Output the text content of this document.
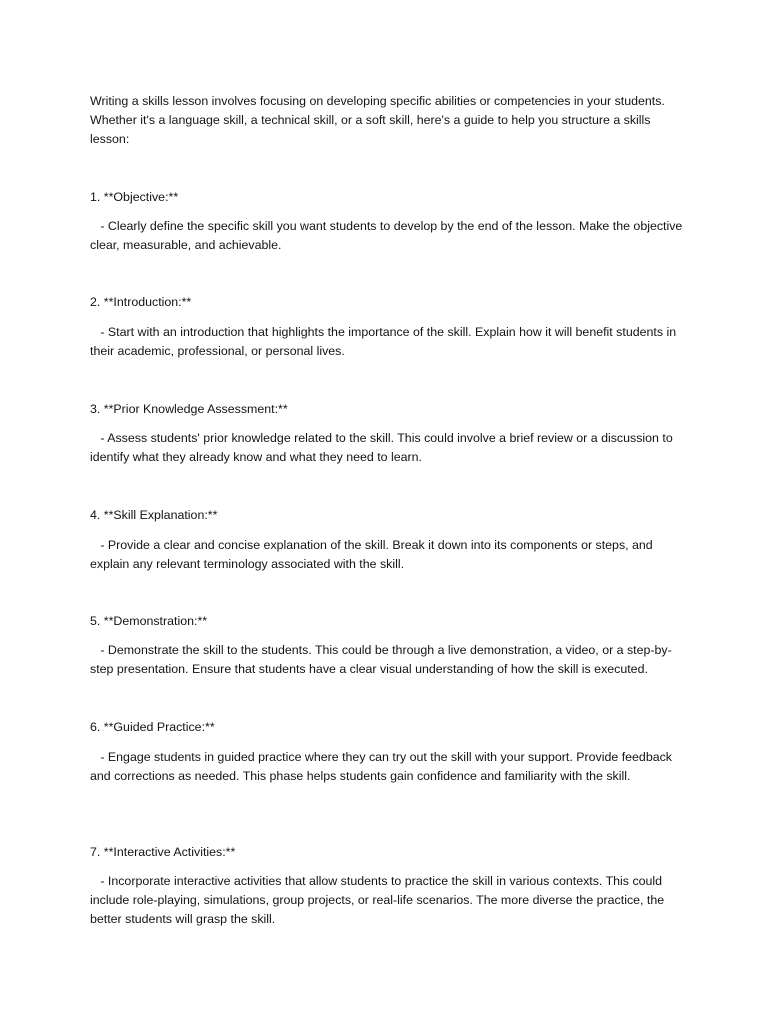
Writing a skills lesson involves focusing on developing specific abilities or competencies in your students. Whether it's a language skill, a technical skill, or a soft skill, here's a guide to help you structure a skills lesson:

1. **Objective:**

- Clearly define the specific skill you want students to develop by the end of the lesson. Make the objective clear, measurable, and achievable.

2. **Introduction:**

- Start with an introduction that highlights the importance of the skill. Explain how it will benefit students in their academic, professional, or personal lives.

3. **Prior Knowledge Assessment:**

- Assess students' prior knowledge related to the skill. This could involve a brief review or a discussion to identify what they already know and what they need to learn.

4. **Skill Explanation:**

- Provide a clear and concise explanation of the skill. Break it down into its components or steps, and explain any relevant terminology associated with the skill.

5. **Demonstration:**

- Demonstrate the skill to the students. This could be through a live demonstration, a video, or a step-by-step presentation. Ensure that students have a clear visual understanding of how the skill is executed.

6. **Guided Practice:**

- Engage students in guided practice where they can try out the skill with your support. Provide feedback and corrections as needed. This phase helps students gain confidence and familiarity with the skill.

7. **Interactive Activities:**

- Incorporate interactive activities that allow students to practice the skill in various contexts. This could include role-playing, simulations, group projects, or real-life scenarios. The more diverse the practice, the better students will grasp the skill.
